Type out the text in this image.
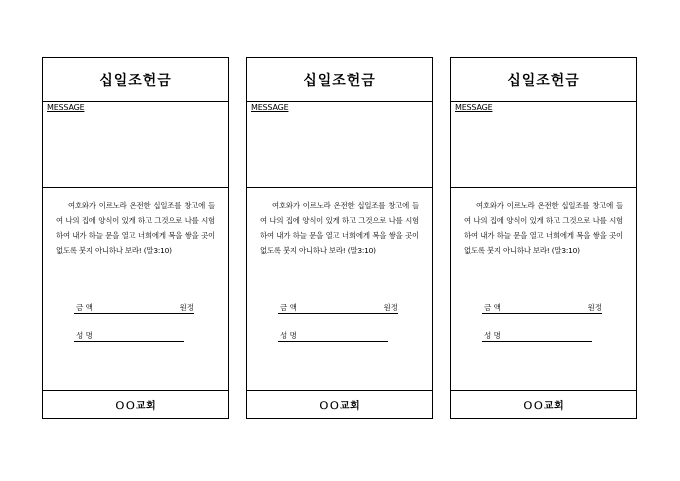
십일조헌금
MESSAGE
여호와가 이르노라 온전한 십일조를 창고에 들여 나의 집에 양식이 있게 하고 그것으로 나를 시험하여 내가 하늘 문을 열고 너희에게 복을 쌓을 곳이 없도록 붓지 아니하나 보라! (말3:10)
금 액	원정
성 명
ＯＯ교회
십일조헌금
MESSAGE
여호와가 이르노라 온전한 십일조를 창고에 들여 나의 집에 양식이 있게 하고 그것으로 나를 시험하여 내가 하늘 문을 열고 너희에게 복을 쌓을 곳이없도록 붓지 아니하나 보라! (말3:10)
금 액	원정
성 명
ＯＯ교회
십일조헌금
MESSAGE
여호와가 이르노라 온전한 십일조를 창고에 들여 나의 집에 양식이 있게 하고 그것으로 나를 시험하여 내가 하늘 문을 열고 너희에게 복을 쌓을 곳이없도록 붓지 아니하나 보라! (말3:10)
금 액	원정
성 명
ＯＯ교회
